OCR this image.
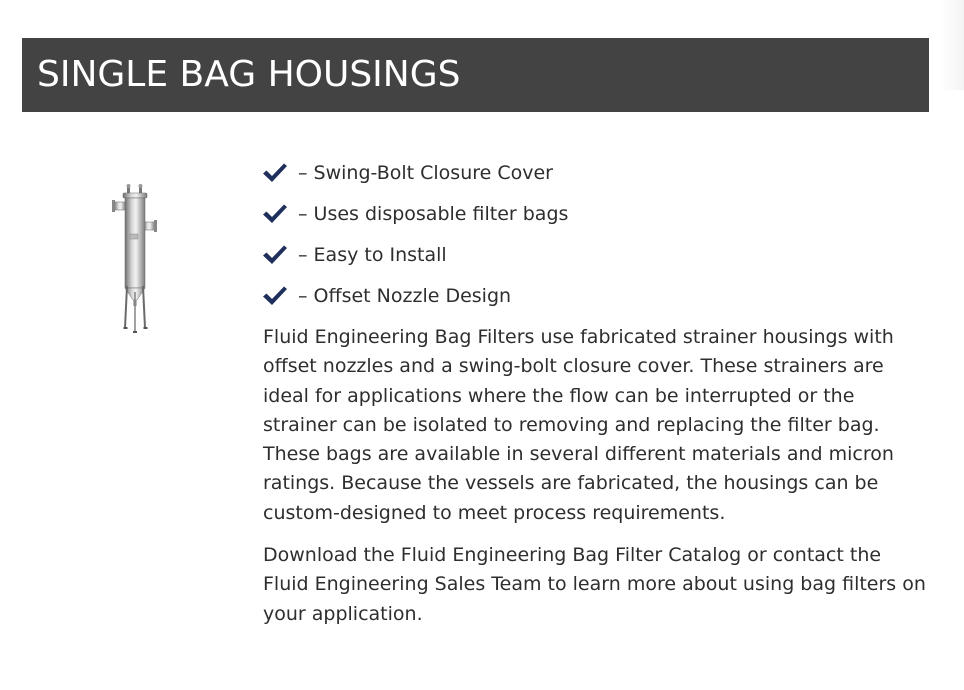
SINGLE BAG HOUSINGS
– Swing-Bolt Closure Cover
– Uses disposable filter bags
– Easy to Install
– Offset Nozzle Design

Fluid Engineering Bag Filters use fabricated strainer housings with offset nozzles and a swing-bolt closure cover. These strainers are ideal for applications where the flow can be interrupted or the strainer can be isolated to removing and replacing the filter bag. These bags are available in several different materials and micron ratings. Because the vessels are fabricated, the housings can be custom-designed to meet process requirements.

Download the Fluid Engineering Bag Filter Catalog or contact the Fluid Engineering Sales Team to learn more about using bag filters on your application.
